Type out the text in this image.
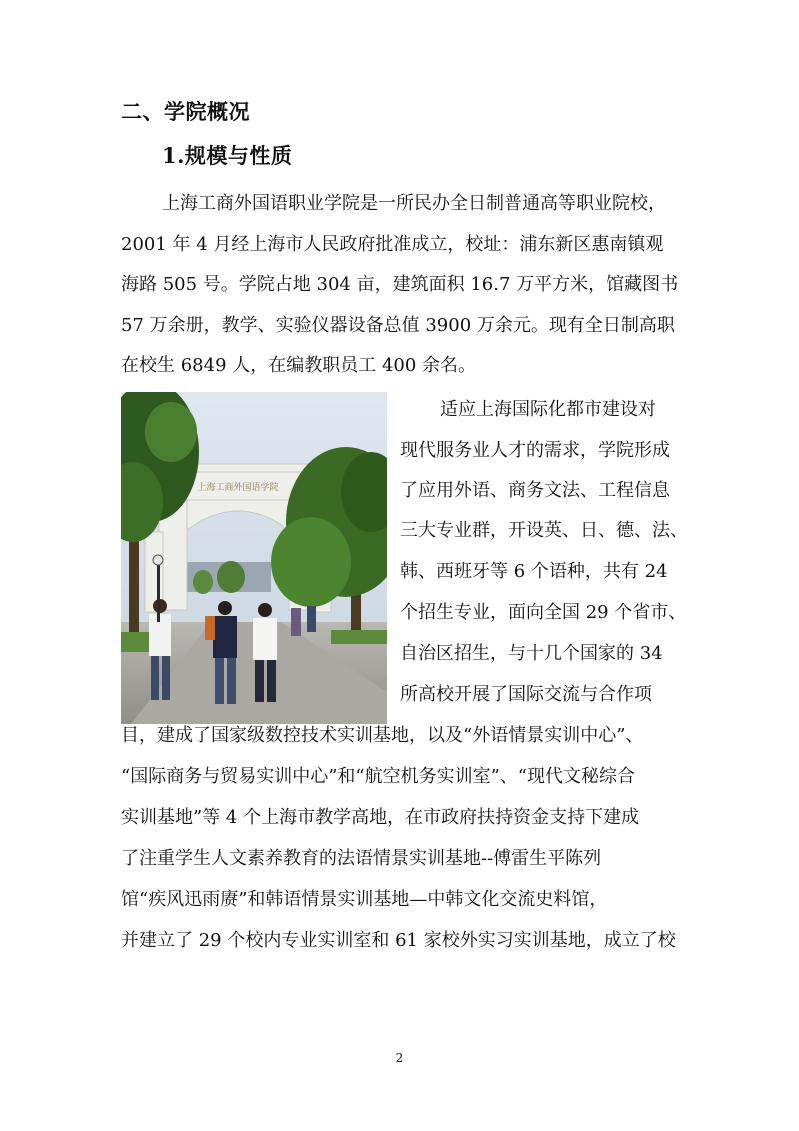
二、学院概况
1.规模与性质
上海工商外国语职业学院是一所民办全日制普通高等职业院校，
2001 年 4 月经上海市人民政府批准成立，校址：浦东新区惠南镇观
海路 505 号。学院占地 304 亩，建筑面积 16.7 万平方米，馆藏图书
57 万余册，教学、实验仪器设备总值 3900 万余元。现有全日制高职
在校生 6849 人，在编教职员工 400 余名。
上海工商外国语学院
适应上海国际化都市建设对
现代服务业人才的需求，学院形成
了应用外语、商务文法、工程信息
三大专业群，开设英、日、德、法、
韩、西班牙等 6 个语种，共有 24
个招生专业，面向全国 29 个省市、
自治区招生，与十几个国家的 34
所高校开展了国际交流与合作项
目，建成了国家级数控技术实训基地，以及“外语情景实训中心”、
“国际商务与贸易实训中心”和“航空机务实训室”、“现代文秘综合
实训基地”等 4 个上海市教学高地，在市政府扶持资金支持下建成
了注重学生人文素养教育的法语情景实训基地--傅雷生平陈列
馆“疾风迅雨赓”和韩语情景实训基地—中韩文化交流史料馆，
并建立了 29 个校内专业实训室和 61 家校外实习实训基地，成立了校
2
